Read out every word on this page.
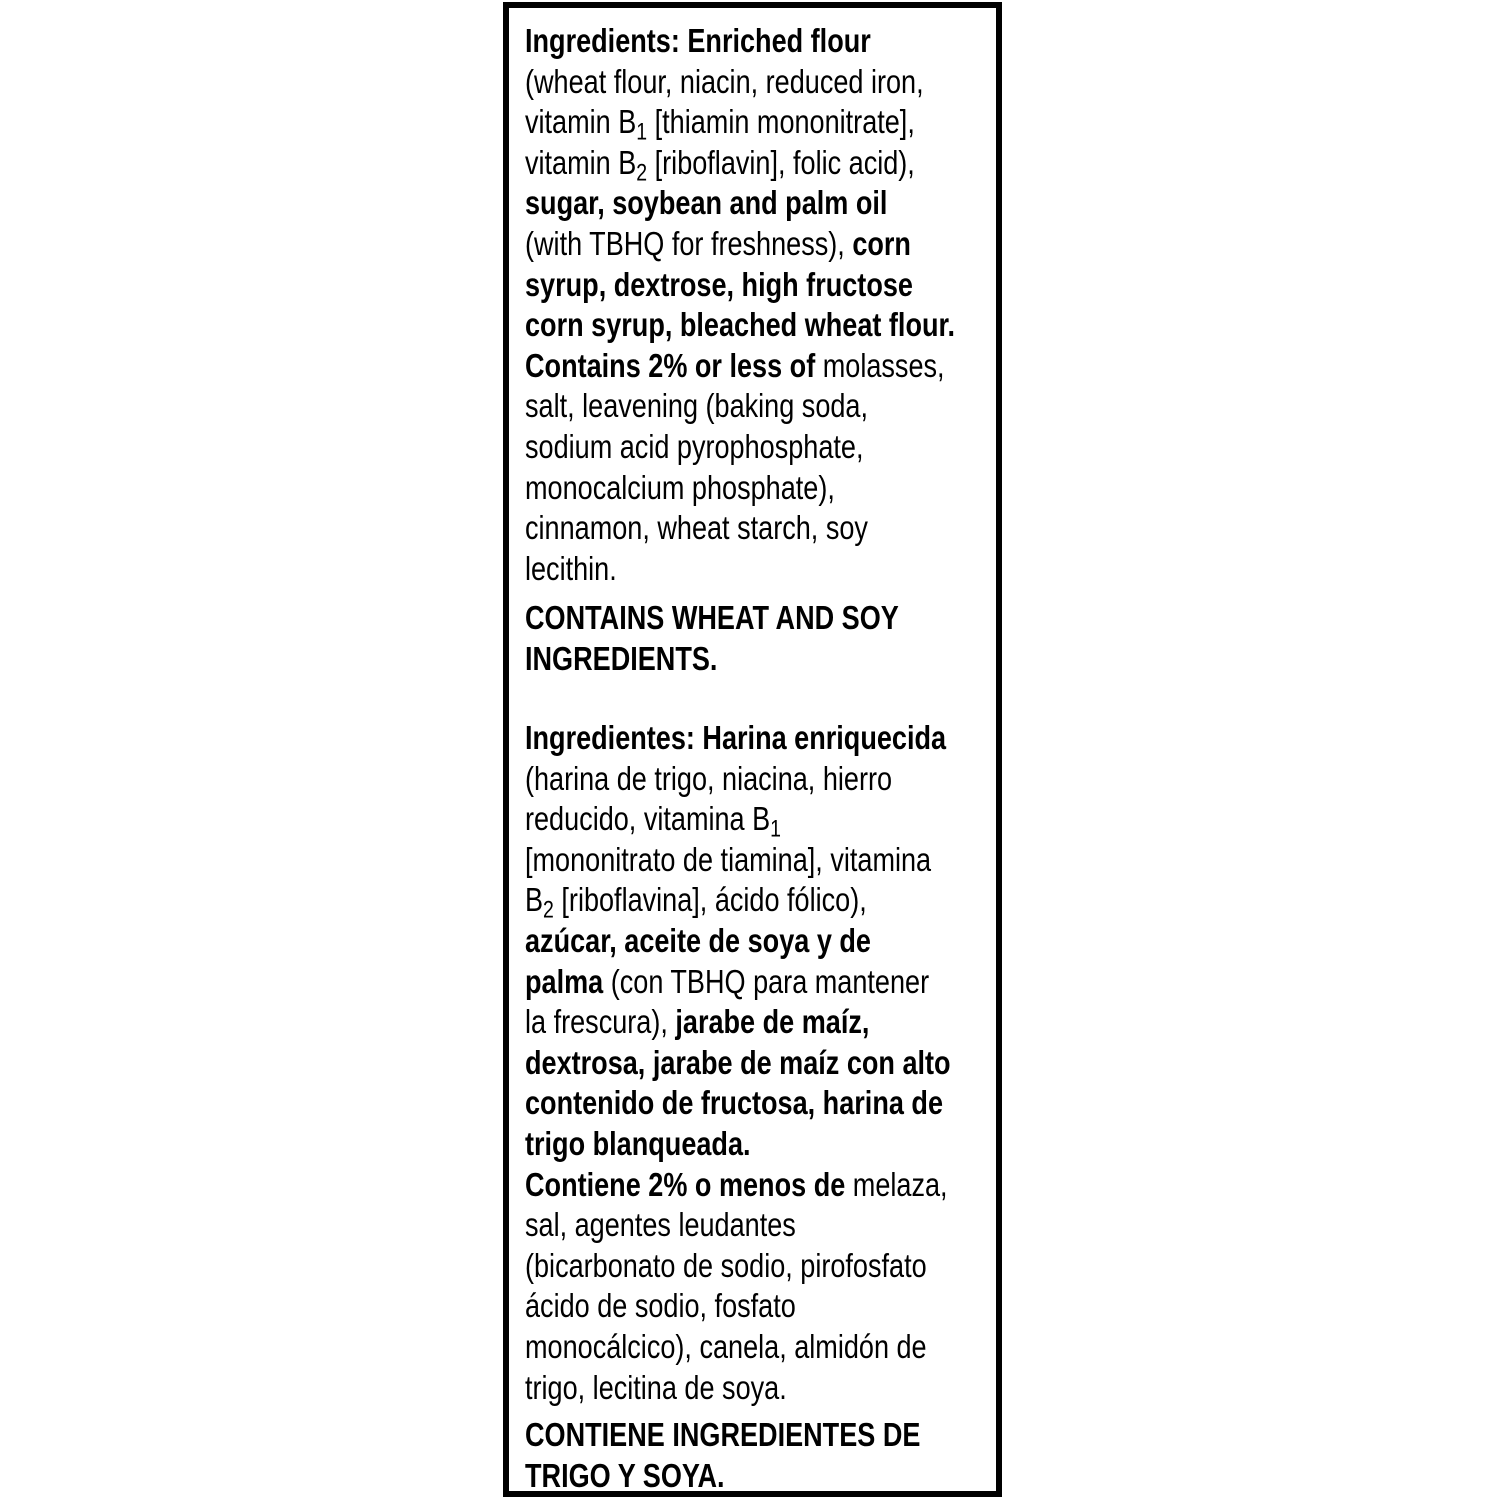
Ingredients: Enriched flour
(wheat flour, niacin, reduced iron,
vitamin $B_1$ [thiamin mononitrate],
vitamin $B_2$ [riboflavin], folic acid),
sugar, soybean and palm oil
(with TBHQ for freshness), corn
syrup, dextrose, high fructose
corn syrup, bleached wheat flour.
Contains 2% or less of molasses,
salt, leavening (baking soda,
sodium acid pyrophosphate,
monocalcium phosphate),
cinnamon, wheat starch, soy
lecithin.
CONTAINS WHEAT AND SOY
INGREDIENTS.
Ingredientes: Harina enriquecida
(harina de trigo, niacina, hierro
reducido, vitamina $B_1$
[mononitrato de tiamina], vitamina
$B_2$ [riboflavina], ácido fólico),
azúcar, aceite de soya y de
palma (con TBHQ para mantener
la frescura), jarabe de maíz,
dextrosa, jarabe de maíz con alto
contenido de fructosa, harina de
trigo blanqueada.
Contiene 2% o menos de melaza,
sal, agentes leudantes
(bicarbonato de sodio, pirofosfato
ácido de sodio, fosfato
monocálcico), canela, almidón de
trigo, lecitina de soya.
CONTIENE INGREDIENTES DE
TRIGO Y SOYA.
